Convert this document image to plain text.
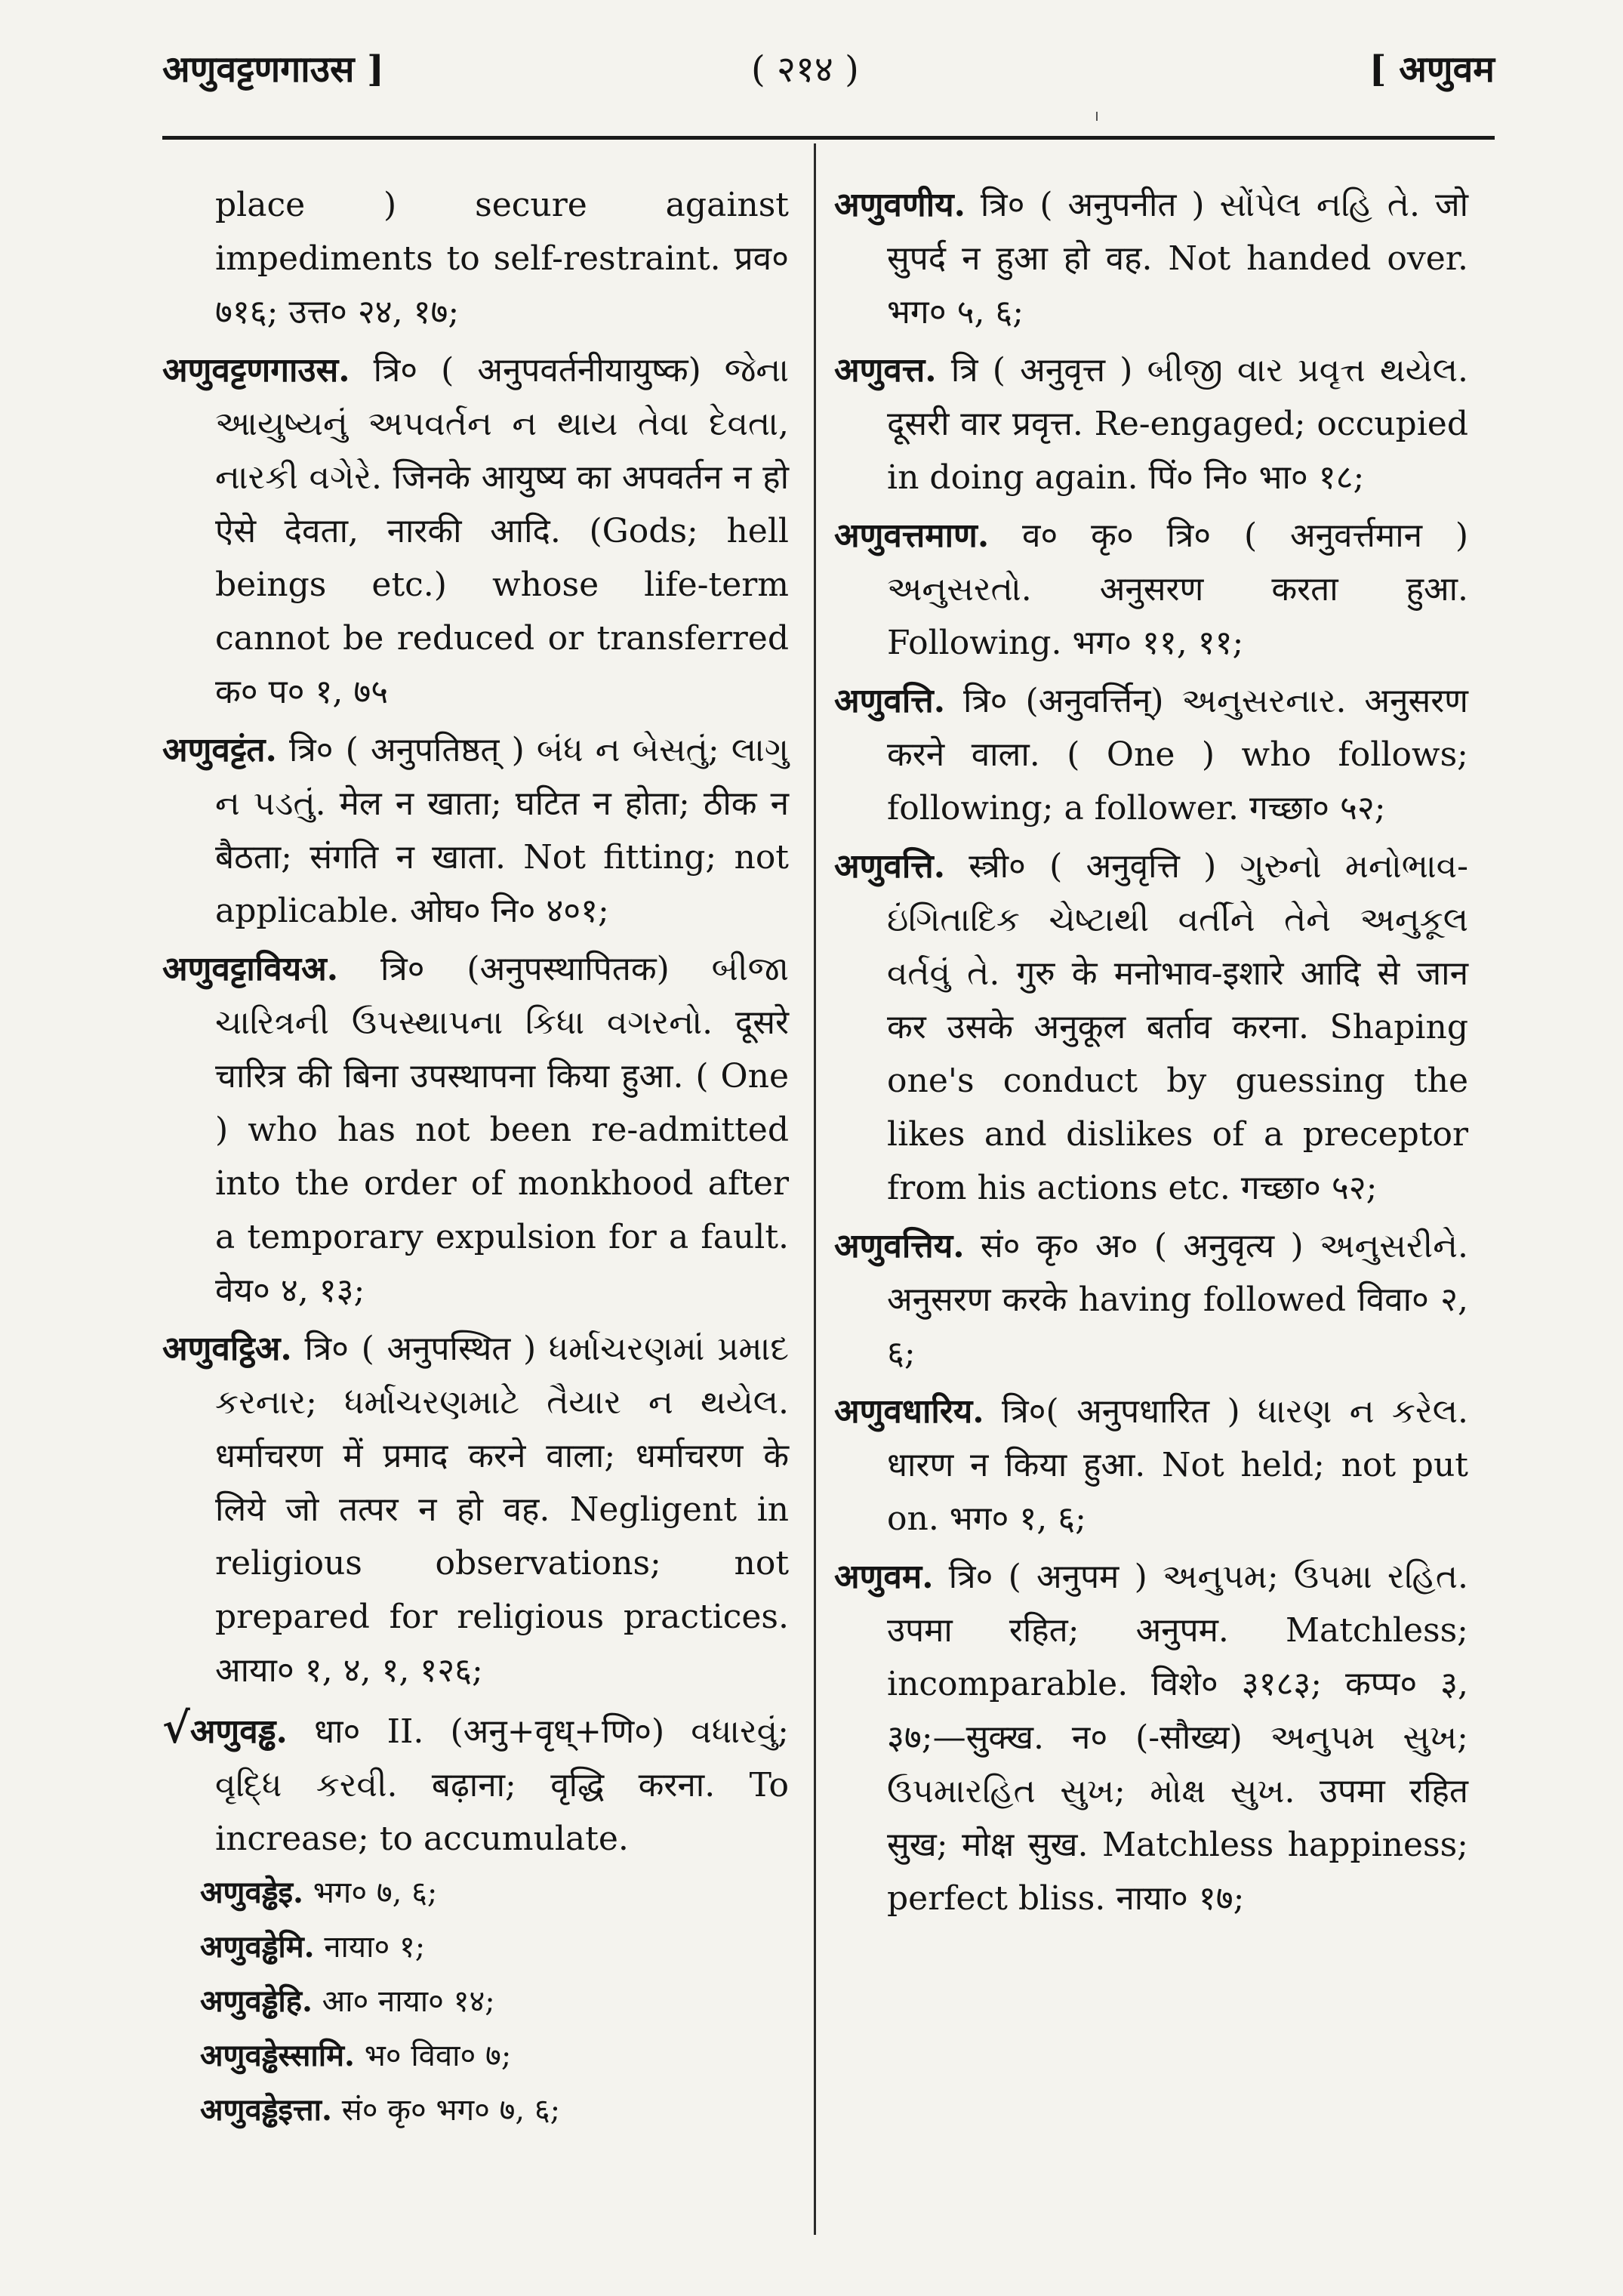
अणुवट्टणगाउस ]	( २१४ )	[ अणुवम

place ) secure against impediments to self-restraint. प्रव० ७१६; उत्त० २४, १७;

अणुवट्टणगाउस. त्रि० ( अनुपवर्तनीयायुष्क) જેના આયુષ્યનું અપવર્તન ન થાય તેવા દેવતા, નારકી વગેરે. जिनके आयुष्य का अपवर्तन न हो ऐसे देवता, नारकी आदि. (Gods; hell beings etc.) whose life-term cannot be reduced or transferred क० प० १, ७५

अणुवट्टंत. त्रि० ( अनुपतिष्ठत् ) બંધ ન બેસતું; લાગુ ન પડતું. मेल न खाता; घटित न होता; ठीक न बैठता; संगति न खाता. Not fitting; not applicable. ओघ० नि० ४०१;

अणुवट्टावियअ. त्रि० (अनुपस्थापितक) બીજા ચારિત્રની ઉપસ્થાપના કિધા વગરનો. दूसरे चारित्र की बिना उपस्थापना किया हुआ. ( One ) who has not been re-admitted into the order of monkhood after a temporary expulsion for a fault. वेय० ४, १३;

अणुवट्ठिअ. त्रि० ( अनुपस्थित ) ધર્માચરણમાં પ્રમાદ કરનાર; ધર્માચરણમાટે તૈયાર ન થયેલ. धर्माचरण में प्रमाद करने वाला; धर्माचरण के लिये जो तत्पर न हो वह. Negligent in religious observations; not prepared for religious practices. आया० १, ४, १, १२६;

√अणुवड्ढ. धा० II. (अनु+वृध्+णि०) વધારવું; વૃદ્ધિ કરવી. बढ़ाना; वृद्धि करना. To increase; to accumulate.

अणुवड्ढेइ. भग० ७, ६;

अणुवड्ढेमि. नाया० १;

अणुवड्ढेहि. आ० नाया० १४;

अणुवड्ढेस्सामि. भ० विवा० ७;

अणुवड्ढेइत्ता. सं० कृ० भग० ७, ६;

अणुवणीय. त्रि० ( अनुपनीत ) સોંપેલ નહિ તે. जो सुपर्द न हुआ हो वह. Not handed over. भग० ५, ६;

अणुवत्त. त्रि ( अनुवृत्त ) બીજી વાર પ્રવૃત્ત થયેલ. दूसरी वार प्रवृत्त. Re-engaged; occupied in doing again. पिं० नि० भा० १८;

अणुवत्तमाण. व० कृ० त्रि० ( अनुवर्त्तमान ) અનુસરતો. अनुसरण करता हुआ. Following. भग० ११, ११;

अणुवत्ति. त्रि० (अनुवर्त्तिन्) અનુસરનાર. अनुसरण करने वाला. ( One ) who follows; following; a follower. गच्छा० ५२;

अणुवत्ति. स्त्री० ( अनुवृत्ति ) ગુરુનો મનોભાવ-ઇંગિતાદિક ચેષ્ટાથી વર્તીને તેને અનુકૂલ વર્તવું તે. गुरु के मनोभाव-इशारे आदि से जान कर उसके अनुकूल बर्ताव करना. Shaping one's conduct by guessing the likes and dislikes of a preceptor from his actions etc. गच्छा० ५२;

अणुवत्तिय. सं० कृ० अ० ( अनुवृत्य ) અનુસરીને. अनुसरण करके having followed विवा० २, ६;

अणुवधारिय. त्रि०( अनुपधारित ) ધારણ ન કરેલ. धारण न किया हुआ. Not held; not put on. भग० १, ६;

अणुवम. त्रि० ( अनुपम ) અનુપમ; ઉપમા રહિત. उपमा रहित; अनुपम. Matchless; incomparable. विशे० ३१८३; कप्प० ३, ३७;—सुक्ख. न० (-सौख्य) અનુપમ સુખ; ઉપમારહિત સુખ; મોક્ષ સુખ. उपमा रहित सुख; मोक्ष सुख. Matchless happiness; perfect bliss. नाया० १७;
